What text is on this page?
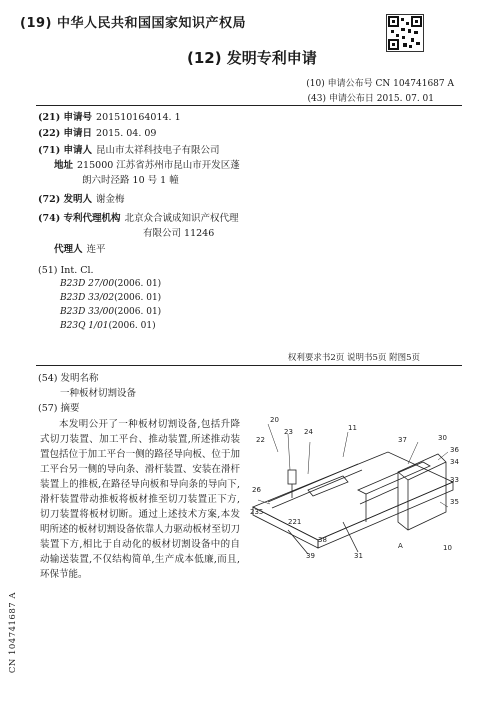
(19) 中华人民共和国国家知识产权局
(12) 发明专利申请
(10) 申请公布号 CN 104741687 A
(43) 申请公布日 2015. 07. 01
(21) 申请号 201510164014. 1
(22) 申请日 2015. 04. 09
(71) 申请人 昆山市太祥科技电子有限公司
地址 215000 江苏省苏州市昆山市开发区蓬
朗六时泾路 10 号 1 幢
(72) 发明人 谢金梅
(74) 专利代理机构 北京众合诚成知识产权代理
有限公司 11246
代理人 连平
(51) Int. Cl.
B23D 27/00(2006. 01)
B23D 33/02(2006. 01)
B23D 33/00(2006. 01)
B23Q 1/01(2006. 01)
权利要求书2页 说明书5页 附图5页
(54) 发明名称
一种板材切割设备
(57) 摘要
本发明公开了一种板材切割设备,包括升降式切刀装置、加工平台、推动装置,所述推动装置包括位于加工平台一侧的路径导向板、位于加工平台另一侧的导向条、滑杆装置、安装在滑杆装置上的推板,在路径导向板和导向条的导向下,滑杆装置带动推板将板材推至切刀装置正下方,切刀装置将板材切断。通过上述技术方案,本发明所述的板材切割设备依靠人力驱动板材至切刀装置下方,相比于自动化的板材切割设备中的自动输送装置,不仅结构简单,生产成本低廉,而且,环保节能。
CN 104741687 A
20
22
23 24	11
37	30
36
34
33
35
10
A
31
38
39
221
235
26
